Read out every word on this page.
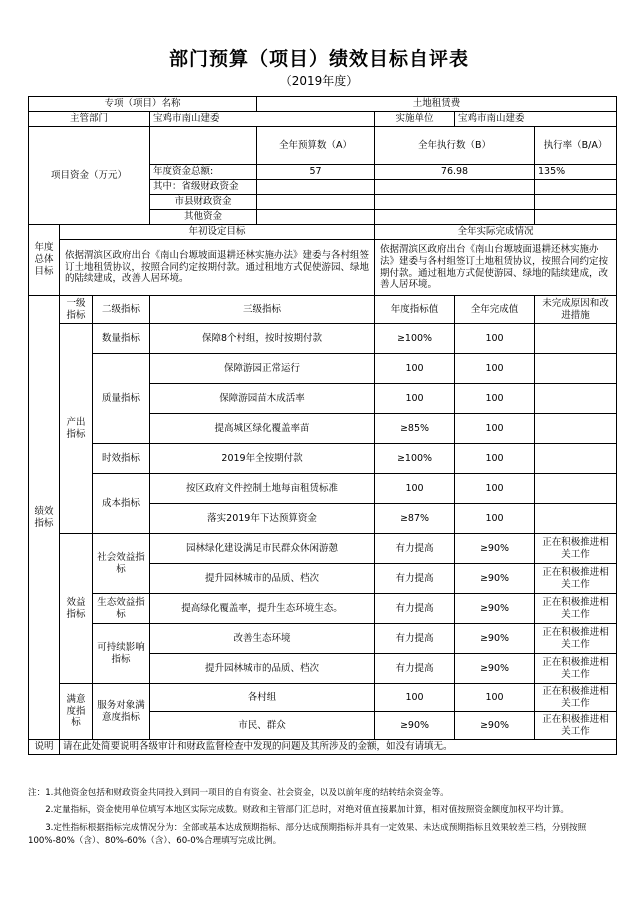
部门预算（项目）绩效目标自评表
（2019年度）
专项（项目）名称				土地租赁费			
主管部门			宝鸡市南山建委		实施单位	宝鸡市南山建委	
项目资金（万元）				全年预算数（A）	全年执行数（B）		执行率（B/A）
			年度资金总额:	57	76.98		135%
			其中：省级财政资金				
			市县财政资金				
			其他资金				
年度总体目标	年初设定目标				全年实际完成情况		
	依据渭滨区政府出台《南山台塬坡面退耕还林实施办法》建委与各村组签订土地租赁协议，按照合同约定按期付款。通过租地方式促使游园、绿地的陆续建成，改善人居环境。				依据渭滨区政府出台《南山台塬坡面退耕还林实施办法》建委与各村组签订土地租赁协议，按照合同约定按期付款。通过租地方式促使游园、绿地的陆续建成，改善人居环境。		
绩效指标	一级指标	二级指标	三级指标		年度指标值	全年完成值	未完成原因和改进措施
	产出指标	数量指标	保障8个村组，按时按期付款		≥100%	100	
		质量指标	保障游园正常运行		100	100	
			保障游园苗木成活率		100	100	
			提高城区绿化覆盖率苗		≥85%	100	
		时效指标	2019年全按期付款		≥100%	100	
		成本指标	按区政府文件控制土地每亩租赁标准		100	100	
			落实2019年下达预算资金		≥87%	100	
	效益指标	社会效益指标	园林绿化建设满足市民群众休闲游憩		有力提高	≥90%	正在积极推进相关工作
			提升园林城市的品质、档次		有力提高	≥90%	正在积极推进相关工作
		生态效益指标	提高绿化覆盖率，提升生态环境生态。		有力提高	≥90%	正在积极推进相关工作
		可持续影响指标	改善生态环境		有力提高	≥90%	正在积极推进相关工作
			提升园林城市的品质、档次		有力提高	≥90%	正在积极推进相关工作
	满意度指标	服务对象满意度指标	各村组		100	100	正在积极推进相关工作
			市民、群众		≥90%	≥90%	正在积极推进相关工作
说明	请在此处简要说明各级审计和财政监督检查中发现的问题及其所涉及的金额，如没有请填无。						

注：1.其他资金包括和财政资金共同投入到同一项目的自有资金、社会资金，以及以前年度的结转结余资金等。

2.定量指标，资金使用单位填写本地区实际完成数。财政和主管部门汇总时，对绝对值直接累加计算，相对值按照资金额度加权平均计算。

3.定性指标根据指标完成情况分为：全部或基本达成预期指标、部分达成预期指标并具有一定效果、未达成预期指标且效果较差三档，分别按照100%-80%（含）、80%-60%（含）、60-0%合理填写完成比例。
